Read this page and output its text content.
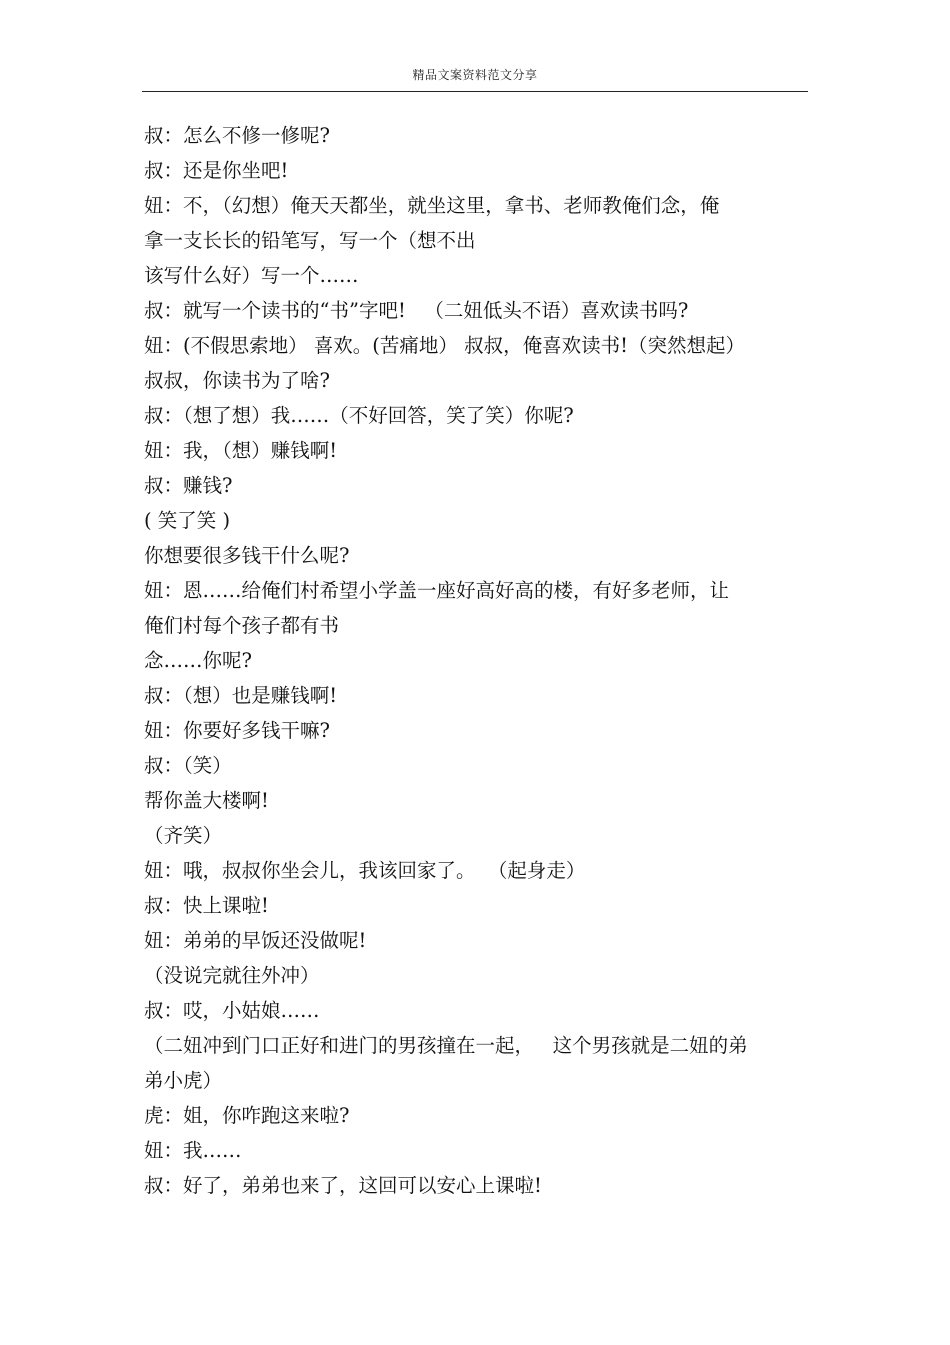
精品文案资料范文分享
叔：怎么不修一修呢?
叔：还是你坐吧!
妞：不，（幻想）俺天天都坐，就坐这里，拿书、老师教俺们念，俺
拿一支长长的铅笔写，写一个（想不出
该写什么好）写一个……
叔：就写一个读书的“书”字吧!   （二妞低头不语）喜欢读书吗?
妞：(不假思索地） 喜欢。(苦痛地） 叔叔，俺喜欢读书!（突然想起）
叔叔，你读书为了啥?
叔：（想了想）我……（不好回答，笑了笑）你呢?
妞：我，（想）赚钱啊!
叔：赚钱?
( 笑了笑 )
你想要很多钱干什么呢?
妞：恩……给俺们村希望小学盖一座好高好高的楼，有好多老师，让
俺们村每个孩子都有书
念……你呢?
叔：（想）也是赚钱啊!
妞：你要好多钱干嘛?
叔：（笑）
帮你盖大楼啊!
（齐笑）
妞：哦，叔叔你坐会儿，我该回家了。  （起身走）
叔：快上课啦!
妞：弟弟的早饭还没做呢!
（没说完就往外冲）
叔：哎，小姑娘……
（二妞冲到门口正好和进门的男孩撞在一起，   这个男孩就是二妞的弟
弟小虎）
虎：姐，你咋跑这来啦?
妞：我……
叔：好了，弟弟也来了，这回可以安心上课啦!
